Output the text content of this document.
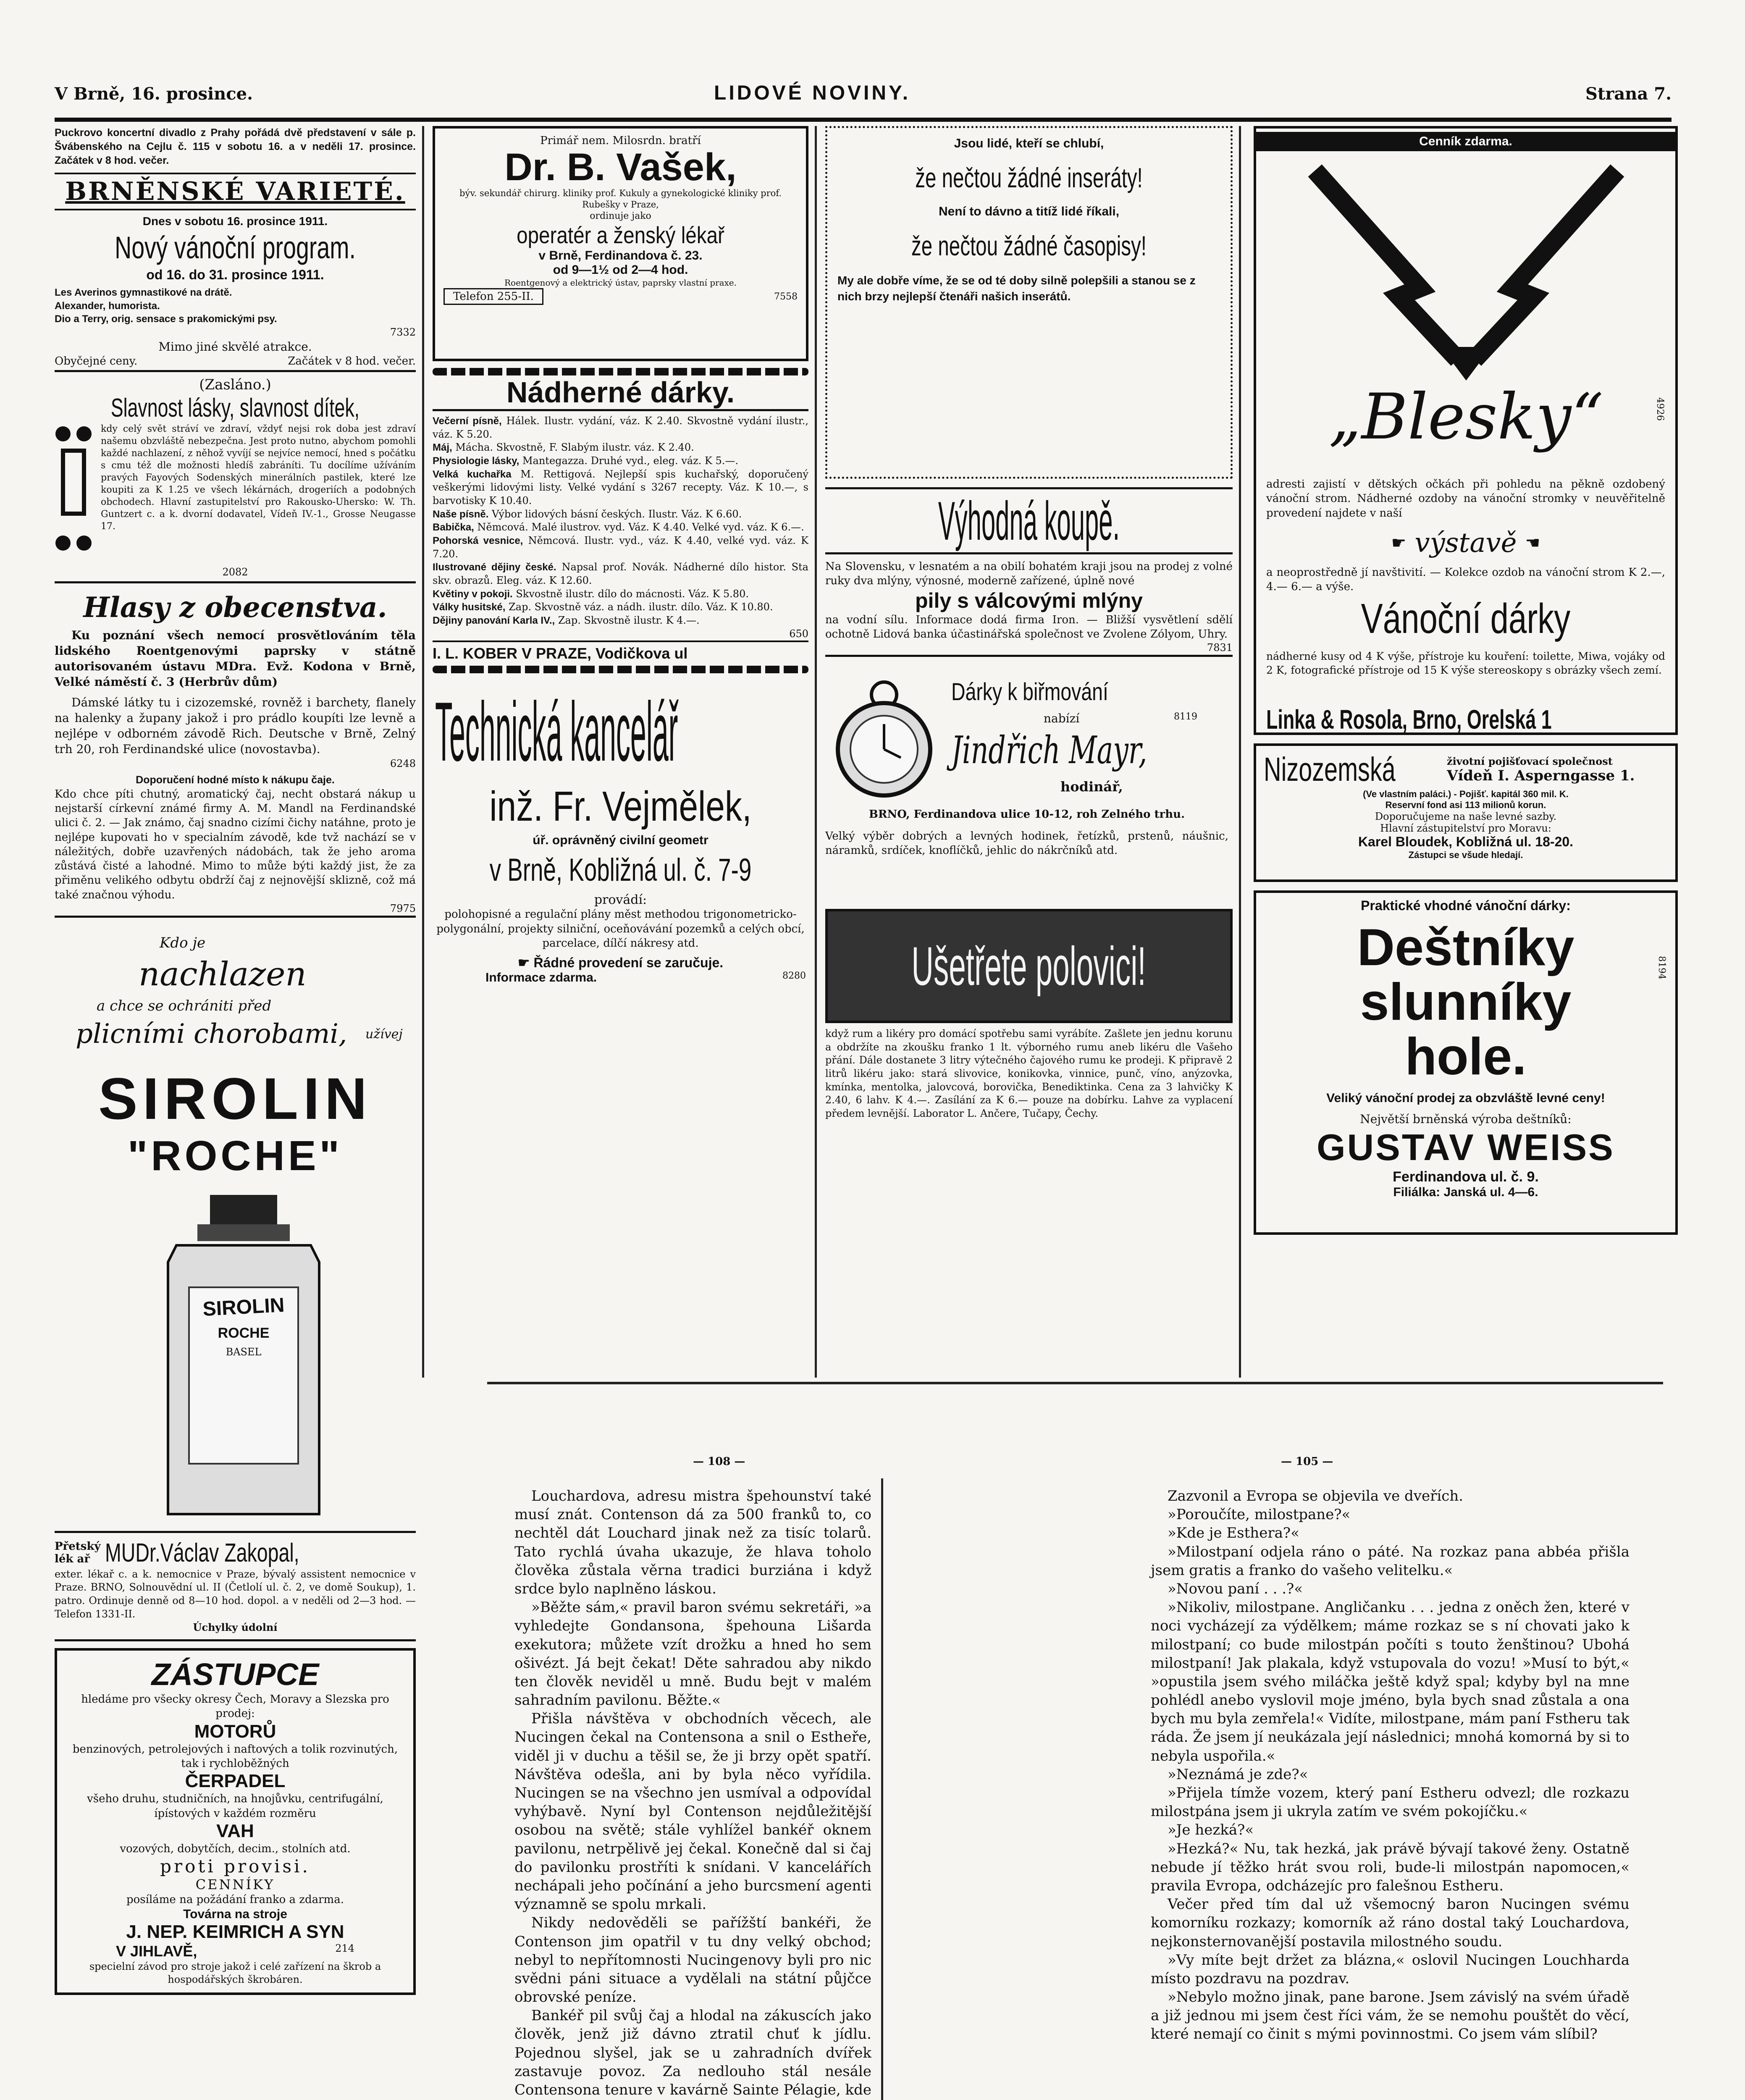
V Brně, 16. prosince.	LIDOVÉ NOVINY.	Strana 7.

Puckrovo koncertní divadlo z Prahy pořádá dvě představení v sále p. Švábenského na Cejlu č. 115 v sobotu 16. a v neděli 17. prosince. Začátek v 8 hod. večer.

BRNĚNSKÉ VARIETÉ.
Dnes v sobotu 16. prosince 1911.
Nový vánoční program.
od 16. do 31. prosince 1911.

Les Averinos gymnastikové na drátě.

Alexander, humorista.

Dio a Terry, orig. sensace s prakomickými psy.

7332

Mimo jiné skvělé atrakce.
Obyčejné ceny.	Začátek v 8 hod. večer.
(Zasláno.)
Slavnost lásky, slavnost dítek,

kdy celý svět stráví ve zdraví, vždyť nejsi rok doba jest zdraví našemu obzvláště nebezpečna. Jest proto nutno, abychom pomohli každé nachlazení, z něhož vyvíjí se nejvíce nemocí, hned s počátku s cmu též dle možnosti hledíš zabráníti. Tu docílíme užíváním pravých Fayových Sodenských minerálních pastilek, které lze koupiti za K 1.25 ve všech lékárnách, drogeriích a podobných obchodech. Hlavní zastupitelství pro Rakousko-Uhersko: W. Th. Guntzert c. a k. dvorní dodavatel, Vídeň IV.-1., Grosse Neugasse 17.

2082

Hlasy z obecenstva.

Ku poznání všech nemocí prosvětlováním těla lidského Roentgenovými paprsky v státně autorisovaném ústavu MDra. Evž. Kodona v Brně, Velké náměstí č. 3 (Herbrův dům)

Dámské látky tu i cizozemské, rovněž i barchety, flanely na halenky a župany jakož i pro prádlo koupíti lze levně a nejlépe v odborném závodě Rich. Deutsche v Brně, Zelný trh 20, roh Ferdinandské ulice (novostavba).

6248

Doporučení hodné místo k nákupu čaje.

Kdo chce píti chutný, aromatický čaj, necht obstará nákup u nejstarší církevní známé firmy A. M. Mandl na Ferdinandské ulici č. 2. — Jak známo, čaj snadno cizími čichy natáhne, proto je nejlépe kupovati ho v specialním závodě, kde tvž nachází se v náležitých, dobře uzavřených nádobách, tak že jeho aroma zůstává čisté a lahodné. Mimo to může býti každý jist, že za přiměnu velikého odbytu obdrží čaj z nejnovější sklizně, což má také značnou výhodu.

7975

Kdo je
nachlazen
a chce se ochrániti před
plicními chorobami, užívej
SIROLIN
"ROCHE"
SIROLIN
ROCHE
BASEL
Přetský lék ař MUDr.Václav Zakopal,

exter. lékař c. a k. nemocnice v Praze, bývalý assistent nemocnice v Praze. BRNO, Solnouvědní ul. II (Četlolí ul. č. 2, ve domě Soukup), 1. patro. Ordinuje denně od 8—10 hod. dopol. a v neděli od 2—3 hod. — Telefon 1331-II.

Úchylky údolní

ZÁSTUPCE

hledáme pro všecky okresy Čech, Moravy a Slezska pro prodej:

MOTORŮ

benzinových, petrolejových i naftových a tolik rozvinutých, tak i rychloběžných

ČERPADEL

všeho druhu, studničních, na hnojůvku, centrifugální, ípístových v každém rozměru

VAH

vozových, dobytčích, decim., stolních atd.

proti provisi.
CENNÍKY

posíláme na požádání franko a zdarma.

Továrna na stroje
J. NEP. KEIMRICH A SYN
V JIHLAVĚ,	214

specielní závod pro stroje jakož i celé zařízení na škrob a hospodářských škrobáren.

Primář nem. Milosrdn. bratří
Dr. B. Vašek,

býv. sekundář chirurg. kliniky prof. Kukuly a gynekologické kliniky prof. Rubešky v Praze,

ordinuje jako
operatér a ženský lékař
v Brně, Ferdinandova č. 23.
od 9—1½ od 2—4 hod.

Roentgenový a elektrický ústav, paprsky vlastní praxe.

Telefon 255-II.	7558
Nádherné dárky.

Večerní písně, Hálek. Ilustr. vydání, váz. K 2.40. Skvostně vydání ilustr., váz. K 5.20.

Máj, Mácha. Skvostně, F. Slabým ilustr. váz. K 2.40.

Physiologie lásky, Mantegazza. Druhé vyd., eleg. váz. K 5.—.

Velká kuchařka M. Rettigová. Nejlepší spis kuchařský, doporučený veškerými lidovými listy. Velké vydání s 3267 recepty. Váz. K 10.—, s barvotisky K 10.40.

Naše písně. Výbor lidových básní českých. Ilustr. Váz. K 6.60.

Babička, Němcová. Malé ilustrov. vyd. Váz. K 4.40. Velké vyd. váz. K 6.—.

Pohorská vesnice, Němcová. Ilustr. vyd., váz. K 4.40, velké vyd. váz. K 7.20.

Ilustrované dějiny české. Napsal prof. Novák. Nádherné dílo histor. Sta skv. obrazů. Eleg. váz. K 12.60.

Květiny v pokoji. Skvostně ilustr. dílo do mácnosti. Váz. K 5.80.

Války husitské, Zap. Skvostně váz. a nádh. ilustr. dílo. Váz. K 10.80.

Dějiny panování Karla IV., Zap. Skvostně ilustr. K 4.—.

650

I. L. KOBER V PRAZE, Vodičkova ul
Technická kancelář
inž. Fr. Vejmělek,
úř. oprávněný civilní geometr
v Brně, Kobližná ul. č. 7-9
provádí:

polohopisné a regulační plány měst methodou trigonometricko-polygonální, projekty silniční, oceňovávání pozemků a celých obcí, parcelace, dílčí nákresy atd.

☛ Řádné provedení se zaručuje.
Informace zdarma.	8280
Jsou lidé, kteří se chlubí,
že nečtou žádné inseráty!
Není to dávno a titíž lidé říkali,
že nečtou žádné časopisy!

My ale dobře víme, že se od té doby silně polepšili a stanou se z nich brzy nejlepší čtenáři našich inserátů.

Výhodná koupě.

Na Slovensku, v lesnatém a na obilí bohatém kraji jsou na prodej z volné ruky dva mlýny, výnosné, moderně zařízené, úplně nové

pily s válcovými mlýny

na vodní sílu. Informace dodá firma Iron. — Bližší vysvětlení sdělí ochotně Lidová banka účastinářská společnost ve Zvolene Zólyom, Uhry.

7831

Dárky k biřmování
nabízí	8119
Jindřich Mayr,
hodinář,
BRNO, Ferdinandova ulice 10-12, roh Zelného trhu.

Velký výběr dobrých a levných hodinek, řetízků, prstenů, náušnic, náramků, srdíček, knoflíčků, jehlic do nákrčníků atd.

Ušetřete polovici!

když rum a likéry pro domácí spotřebu sami vyrábíte. Zašlete jen jednu korunu a obdržíte na zkoušku franko 1 lt. výborného rumu aneb likéru dle Vašeho přání. Dále dostanete 3 litry výtečného čajového rumu ke prodeji. K připravě 2 litrů likéru jako: stará slivovice, konikovka, vinnice, punč, víno, anýzovka, kmínka, mentolka, jalovcová, borovička, Benediktinka. Cena za 3 lahvičky K 2.40, 6 lahv. K 4.—. Zasílání za K 6.— pouze na dobírku. Lahve za vyplacení předem levnější. Laborator L. Ančere, Tučapy, Čechy.

Cenník zdarma.
„Blesky“	4926

adresti zajistí v dětských očkách při pohledu na pěkně ozdobený vánoční strom. Nádherné ozdoby na vánoční stromky v neuvěřitelně provedení najdete v naší

☛ výstavě ☚

a neoprostředně jí navštivití. — Kolekce ozdob na vánoční strom K 2.—, 4.— 6.— a výše.

Vánoční dárky

nádherné kusy od 4 K výše, přístroje ku kouření: toilette, Miwa, vojáky od 2 K, fotografické přístroje od 15 K výše stereoskopy s obrázky všech zemí.

Linka & Rosola, Brno, Orelská 1
Nizozemská	životní pojišťovací společnost
Vídeň I. Asperngasse 1.
(Ve vlastním paláci.) - Pojišť. kapitál 360 mil. K.
Reservní fond asi 113 milionů korun.
Doporučujeme na naše levné sazby.
Hlavní zástupitelství pro Moravu:
Karel Bloudek, Kobližná ul. 18-20.
Zástupci se všude hledají.
Praktické vhodné vánoční dárky:
Deštníky
slunníky
hole.
8194
Veliký vánoční prodej za obzvláště levné ceny!
Největší brněnská výroba deštníků:
GUSTAV WEISS
Ferdinandova ul. č. 9.
Filiálka: Janská ul. 4—6.
— 108 —	— 105 —

Louchardova, adresu mistra špehounství také musí znát. Contenson dá za 500 franků to, co nechtěl dát Louchard jinak než za tisíc tolarů. Tato rychlá úvaha ukazuje, že hlava toholo člověka zůstala věrna tradici burziána i když srdce bylo naplněno láskou.

»Běžte sám,« pravil baron svému sekretáři, »a vyhledejte Gondansona, špehouna Lišarda exekutora; můžete vzít drožku a hned ho sem ošivézt. Já bejt čekat! Děte sahradou aby nikdo ten člověk neviděl u mně. Budu bejt v malém sahradním pavilonu. Běžte.«

Přišla návštěva v obchodních věcech, ale Nucingen čekal na Contensona a snil o Estheře, viděl ji v duchu a těšil se, že ji brzy opět spatří. Návštěva odešla, ani by byla něco vyřídila. Nucingen se na všechno jen usmíval a odpovídal vyhýbavě. Nyní byl Contenson nejdůležitější osobou na světě; stále vyhlížel bankéř oknem pavilonu, netrpělivě jej čekal. Konečně dal si čaj do pavilonku prostříti k snídani. V kancelářích nechápali jeho počínání a jeho burcsmení agenti významně se spolu mrkali.

Nikdy nedověděli se pařížští bankéři, že Contenson jim opatřil v tu dny velký obchod; nebyl to nepřítomnosti Nucingenovy byli pro nic svědni páni situace a vydělali na státní půjčce obrovské peníze.

Bankéř pil svůj čaj a hlodal na zákuscích jako člověk, jenž již dávno ztratil chuť k jídlu. Pojednou slyšel, jak se u zahradních dvířek zastavuje povoz. Za nedlouho stál nesále Contensona tenure v kavárně Sainte Pélagie, kde

Zazvonil a Evropa se objevila ve dveřích.

»Poroučíte, milostpane?«

»Kde je Esthera?«

»Milostpaní odjela ráno o páté. Na rozkaz pana abbéa přišla jsem gratis a franko do vašeho velitelku.«

»Novou paní . . .?«

»Nikoliv, milostpane. Angličanku . . . jedna z oněch žen, které v noci vycházejí za výdělkem; máme rozkaz se s ní chovati jako k milostpaní; co bude milostpán počíti s touto ženštinou? Ubohá milostpaní! Jak plakala, když vstupovala do vozu! »Musí to být,« »opustila jsem svého miláčka ještě když spal; kdyby byl na mne pohlédl anebo vyslovil moje jméno, byla bych snad zůstala a ona bych mu byla zemřela!« Vidíte, milostpane, mám paní Fstheru tak ráda. Že jsem jí neukázala její následnici; mnohá komorná by si to nebyla uspořila.«

»Neznámá je zde?«

»Přijela tímže vozem, který paní Estheru odvezl; dle rozkazu milostpána jsem ji ukryla zatím ve svém pokojíčku.«

»Je hezká?«

»Hezká?« Nu, tak hezká, jak právě bývají takové ženy. Ostatně nebude jí těžko hrát svou roli, bude-li milostpán napomocen,« pravila Evropa, odcházejíc pro falešnou Estheru.

Večer před tím dal už všemocný baron Nucingen svému komorníku rozkazy; komorník až ráno dostal taký Louchardova, nejkonsternovanější postavila milostného soudu.

»Vy míte bejt držet za blázna,« oslovil Nucingen Louchharda místo pozdravu na pozdrav.

»Nebylo možno jinak, pane barone. Jsem závislý na svém úřadě a již jednou mi jsem čest říci vám, že se nemohu pouštět do věcí, které nemají co činit s mými povinnostmi. Co jsem vám slíbil?
